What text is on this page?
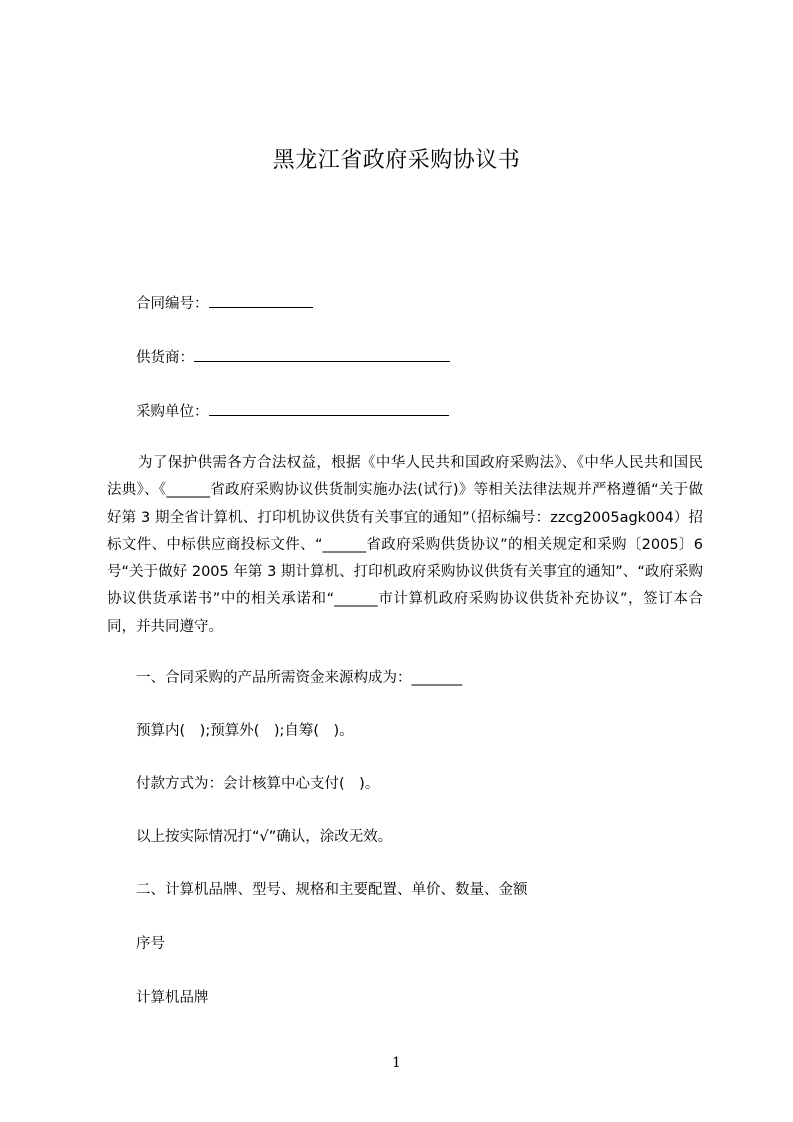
黑龙江省政府采购协议书
合同编号：
供货商：
采购单位：
为了保护供需各方合法权益，根据《中华人民共和国政府采购法》、《中华人民共和国民法典》、《______省政府采购协议供货制实施办法(试行)》等相关法律法规并严格遵循“关于做好第 3 期全省计算机、打印机协议供货有关事宜的通知”（招标编号：zzcg2005agk004）招标文件、中标供应商投标文件、“______省政府采购供货协议”的相关规定和采购〔2005〕6 号“关于做好 2005 年第 3 期计算机、打印机政府采购协议供货有关事宜的通知”、“政府采购协议供货承诺书”中的相关承诺和“______市计算机政府采购协议供货补充协议”，签订本合同，并共同遵守。
一、合同采购的产品所需资金来源构成为：_______
预算内(　);预算外(　);自筹(　)。
付款方式为：会计核算中心支付(　)。
以上按实际情况打“√”确认，涂改无效。
二、计算机品牌、型号、规格和主要配置、单价、数量、金额
序号
计算机品牌
1
